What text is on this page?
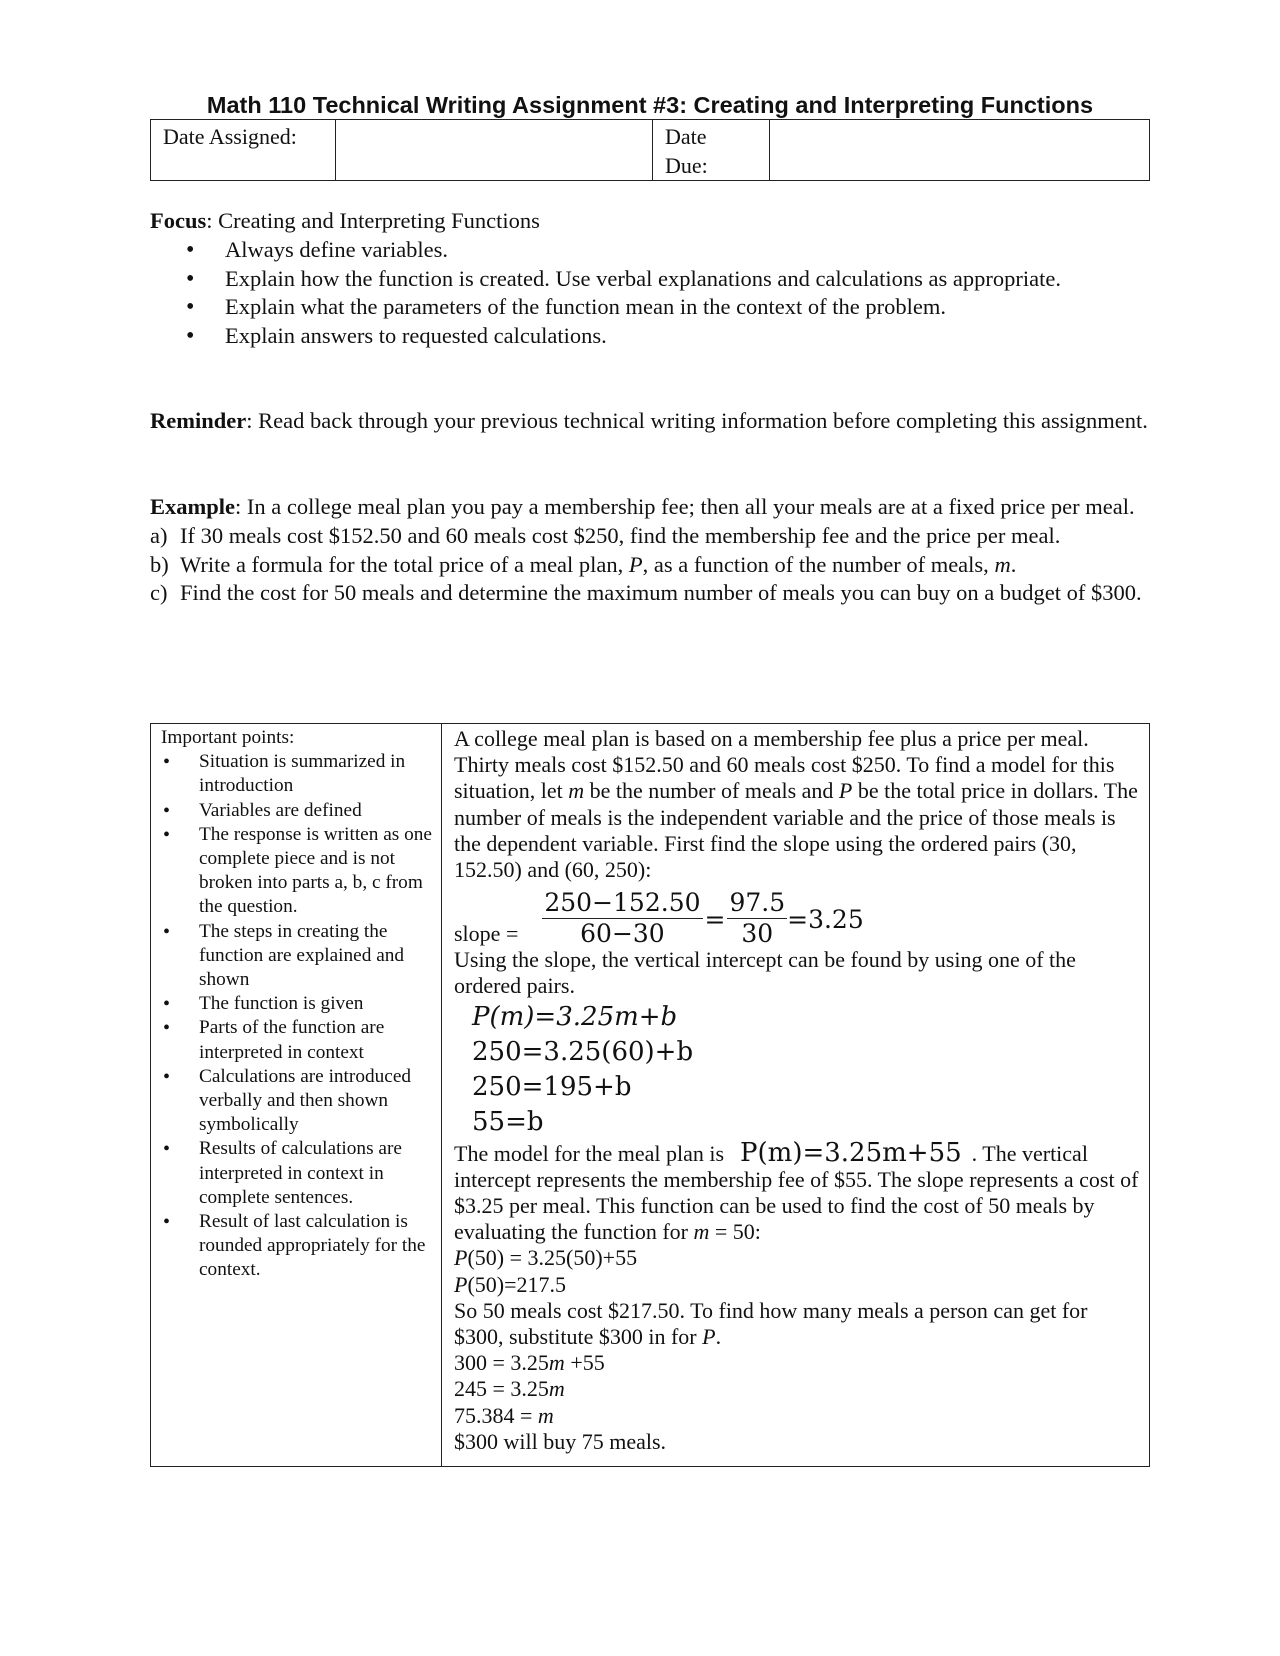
Math 110 Technical Writing Assignment #3: Creating and Interpreting Functions
Date Assigned:		Date
Due:

Focus: Creating and Interpreting Functions

• Always define variables.
• Explain how the function is created. Use verbal explanations and calculations as appropriate.
• Explain what the parameters of the function mean in the context of the problem.
• Explain answers to requested calculations.

Reminder: Read back through your previous technical writing information before completing this assignment.

Example: In a college meal plan you pay a membership fee; then all your meals are at a fixed price per meal.

a) If 30 meals cost $152.50 and 60 meals cost $250, find the membership fee and the price per meal.
b) Write a formula for the total price of a meal plan, P, as a function of the number of meals, m.
c) Find the cost for 50 meals and determine the maximum number of meals you can buy on a budget of $300.
Important points:
• Situation is summarized in introduction
• Variables are defined
• The response is written as one complete piece and is not broken into parts a, b, c from the question.
• The steps in creating the function are explained and shown
• The function is given
• Parts of the function are interpreted in context
• Calculations are introduced verbally and then shown symbolically
• Results of calculations are interpreted in context in complete sentences.
• Result of last calculation is rounded appropriately for the context.

A college meal plan is based on a membership fee plus a price per meal. Thirty meals cost $152.50 and 60 meals cost $250. To find a model for this situation, let m be the number of meals and P be the total price in dollars. The number of meals is the independent variable and the price of those meals is the dependent variable. First find the slope using the ordered pairs (30, 152.50) and (60, 250):
slope = $\frac{250-152.50}{60-30} = \frac{97.5}{30} =3.25$
Using the slope, the vertical intercept can be found by using one of the ordered pairs.
P(m)=3.25m+b
250=3.25(60)+b
250=195+b
55=b
The model for the meal plan is P(m)=3.25m+55 . The vertical
intercept represents the membership fee of $55. The slope represents a cost of $3.25 per meal. This function can be used to find the cost of 50 meals by evaluating the function for m = 50:
P(50) = 3.25(50)+55
P(50)=217.5
So 50 meals cost $217.50. To find how many meals a person can get for $300, substitute $300 in for P.
300 = 3.25m +55
245 = 3.25m
75.384 = m
$300 will buy 75 meals.
